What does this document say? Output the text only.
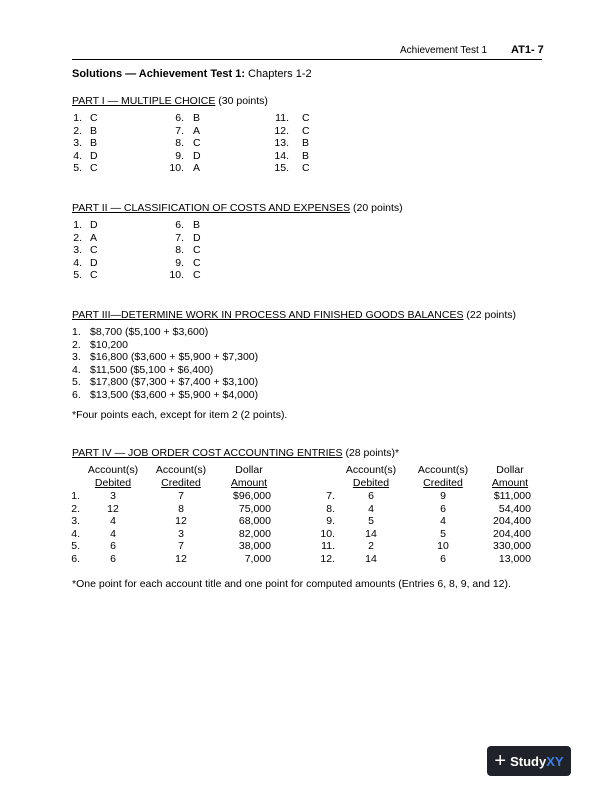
Achievement Test 1 AT1- 7
Solutions — Achievement Test 1: Chapters 1-2
PART I — MULTIPLE CHOICE (30 points)
1. C
2. B
3. B
4. D
5. C
6. B
7. A
8. C
9. D
10. A
11. C
12. C
13. B
14. B
15. C
PART II — CLASSIFICATION OF COSTS AND EXPENSES (20 points)
1. D
2. A
3. C
4. D
5. C
6. B
7. D
8. C
9. C
10. C
PART III—DETERMINE WORK IN PROCESS AND FINISHED GOODS BALANCES (22 points)
1. $8,700 ($5,100 + $3,600)
2. $10,200
3. $16,800 ($3,600 + $5,900 + $7,300)
4. $11,500 ($5,100 + $6,400)
5. $17,800 ($7,300 + $7,400 + $3,100)
6. $13,500 ($3,600 + $5,900 + $4,000)
*Four points each, except for item 2 (2 points).
PART IV — JOB ORDER COST ACCOUNTING ENTRIES (28 points)*
Account(s)	Account(s)	Dollar
Debited	Credited	Amount
1.	3	7	$96,000
2.	12	8	75,000
3.	4	12	68,000
4.	4	3	82,000
5.	6	7	38,000
6.	6	12	7,000
Account(s)	Account(s)	Dollar
Debited	Credited	Amount
7.	6	9	$11,000
8.	4	6	54,400
9.	5	4	204,400
10.	14	5	204,400
11.	2	10	330,000
12.	14	6	13,000
*One point for each account title and one point for computed amounts (Entries 6, 8, 9, and 12).
+ Study XY
